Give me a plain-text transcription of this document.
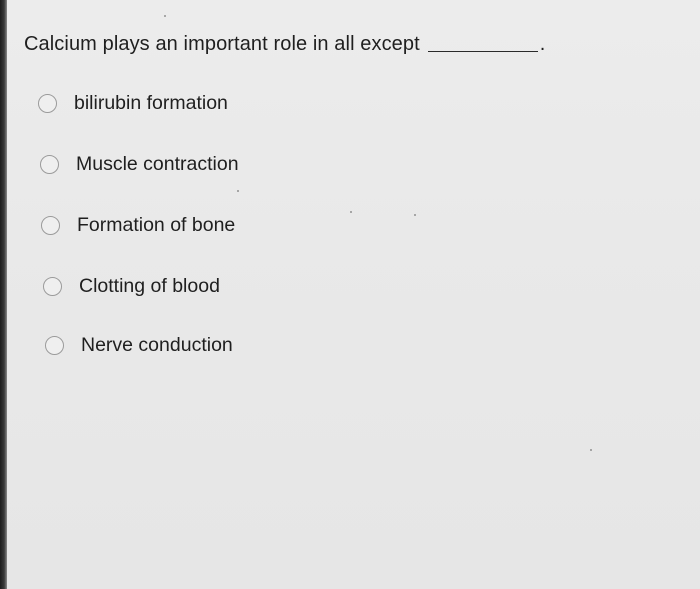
Calcium plays an important role in all except	.
bilirubin formation
Muscle contraction
Formation of bone
Clotting of blood
Nerve conduction
